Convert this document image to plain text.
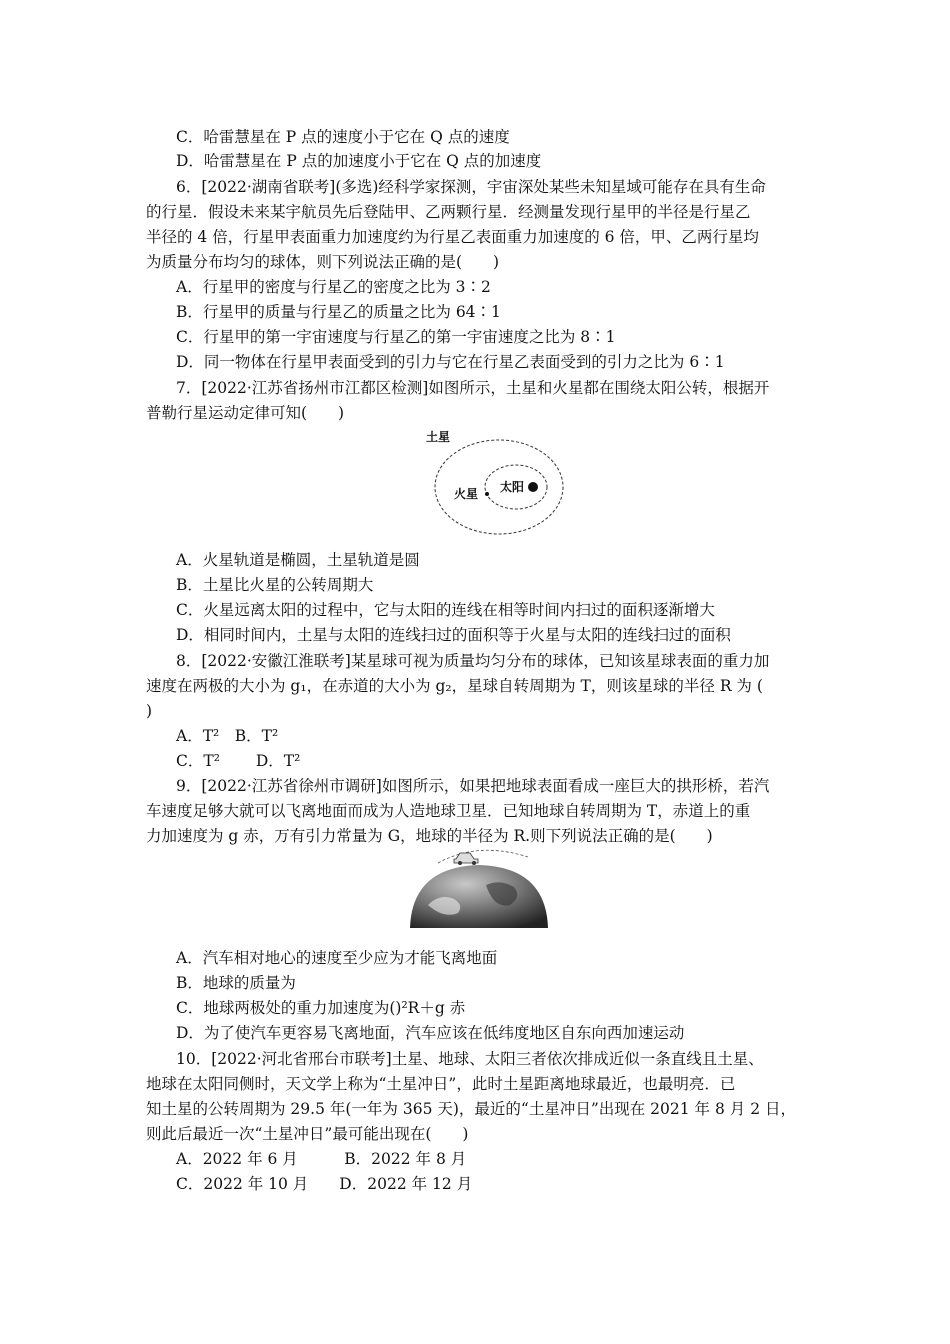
C．哈雷慧星在 P 点的速度小于它在 Q 点的速度
D．哈雷慧星在 P 点的加速度小于它在 Q 点的加速度
6．[2022·湖南省联考](多选)经科学家探测，宇宙深处某些未知星域可能存在具有生命
的行星．假设未来某宇航员先后登陆甲、乙两颗行星．经测量发现行星甲的半径是行星乙
半径的 4 倍，行星甲表面重力加速度约为行星乙表面重力加速度的 6 倍，甲、乙两行星均
为质量分布均匀的球体，则下列说法正确的是(　　)
A．行星甲的密度与行星乙的密度之比为 3∶2
B．行星甲的质量与行星乙的质量之比为 64∶1
C．行星甲的第一宇宙速度与行星乙的第一宇宙速度之比为 8∶1
D．同一物体在行星甲表面受到的引力与它在行星乙表面受到的引力之比为 6∶1
7．[2022·江苏省扬州市江都区检测]如图所示，土星和火星都在围绕太阳公转，根据开
普勒行星运动定律可知(　　)
土星
火星 太阳
A．火星轨道是椭圆，土星轨道是圆
B．土星比火星的公转周期大
C．火星远离太阳的过程中，它与太阳的连线在相等时间内扫过的面积逐渐增大
D．相同时间内，土星与太阳的连线扫过的面积等于火星与太阳的连线扫过的面积
8．[2022·安徽江淮联考]某星球可视为质量均匀分布的球体，已知该星球表面的重力加
速度在两极的大小为 g₁，在赤道的大小为 g₂，星球自转周期为 T，则该星球的半径 R 为 (
)
A．T²　B．T²
C．T²　　 D．T²
9．[2022·江苏省徐州市调研]如图所示，如果把地球表面看成一座巨大的拱形桥，若汽
车速度足够大就可以飞离地面而成为人造地球卫星．已知地球自转周期为 T，赤道上的重
力加速度为 g 赤，万有引力常量为 G，地球的半径为 R.则下列说法正确的是(　　)
A．汽车相对地心的速度至少应为才能飞离地面
B．地球的质量为
C．地球两极处的重力加速度为()²R＋g 赤
D．为了使汽车更容易飞离地面，汽车应该在低纬度地区自东向西加速运动
10．[2022·河北省邢台市联考]土星、地球、太阳三者依次排成近似一条直线且土星、
地球在太阳同侧时，天文学上称为“土星冲日”，此时土星距离地球最近，也最明亮．已
知土星的公转周期为 29.5 年(一年为 365 天)，最近的“土星冲日”出现在 2021 年 8 月 2 日，
则此后最近一次“土星冲日”最可能出现在(　　)
A．2022 年 6 月　　　B．2022 年 8 月
C．2022 年 10 月　　D．2022 年 12 月
